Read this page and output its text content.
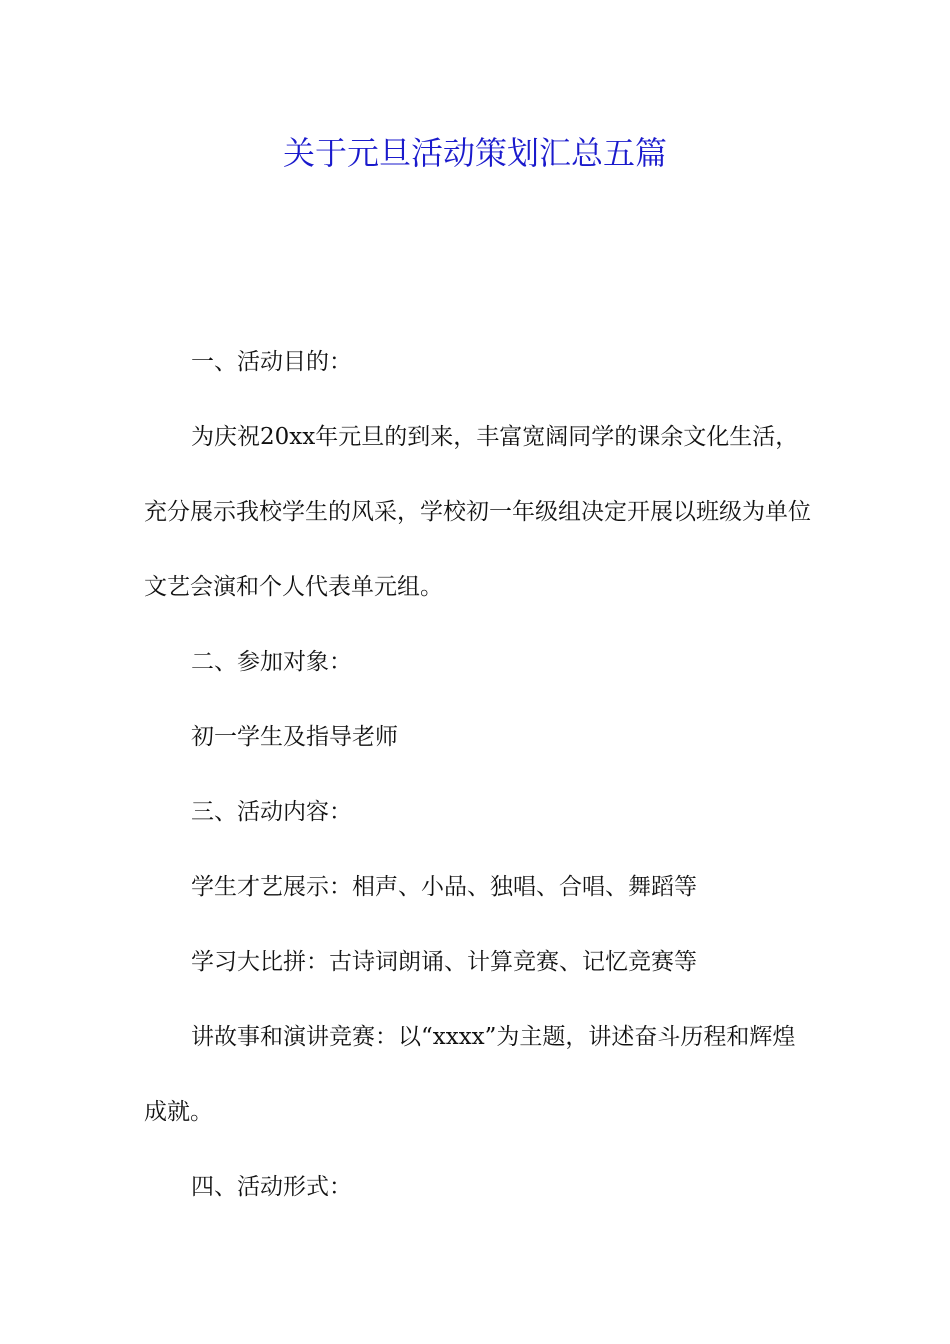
关于元旦活动策划汇总五篇

一、活动目的：

为庆祝20xx年元旦的到来，丰富宽阔同学的课余文化生活，充分展示我校学生的风采，学校初一年级组决定开展以班级为单位文艺会演和个人代表单元组。

二、参加对象：

初一学生及指导老师

三、活动内容：

学生才艺展示：相声、小品、独唱、合唱、舞蹈等

学习大比拼：古诗词朗诵、计算竞赛、记忆竞赛等

讲故事和演讲竞赛：以“xxxx”为主题，讲述奋斗历程和辉煌成就。

四、活动形式：
